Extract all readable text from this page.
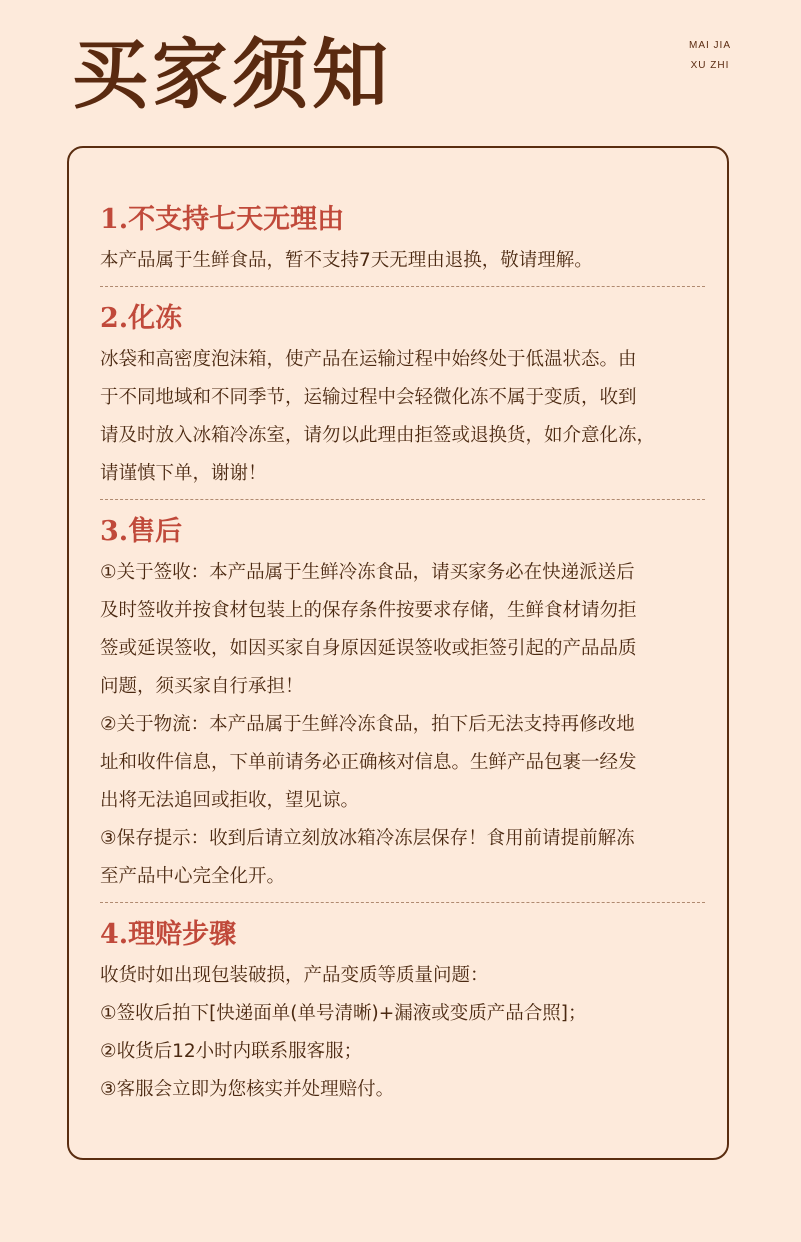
买家须知	MAI JIA
XU ZHI
1.不支持七天无理由
本产品属于生鲜食品，暂不支持7天无理由退换，敬请理解。
2.化冻
冰袋和高密度泡沫箱，使产品在运输过程中始终处于低温状态。由
于不同地域和不同季节，运输过程中会轻微化冻不属于变质，收到
请及时放入冰箱冷冻室，请勿以此理由拒签或退换货，如介意化冻，
请谨慎下单，谢谢！
3.售后
①关于签收：本产品属于生鲜冷冻食品，请买家务必在快递派送后
及时签收并按食材包装上的保存条件按要求存储，生鲜食材请勿拒
签或延误签收，如因买家自身原因延误签收或拒签引起的产品品质
问题，须买家自行承担！
②关于物流：本产品属于生鲜冷冻食品，拍下后无法支持再修改地
址和收件信息，下单前请务必正确核对信息。生鲜产品包裹一经发
出将无法追回或拒收，望见谅。
③保存提示：收到后请立刻放冰箱冷冻层保存！食用前请提前解冻
至产品中心完全化开。
4.理赔步骤
收货时如出现包装破损，产品变质等质量问题：
①签收后拍下[快递面单(单号清晰)+漏液或变质产品合照]；
②收货后12小时内联系服客服；
③客服会立即为您核实并处理赔付。
